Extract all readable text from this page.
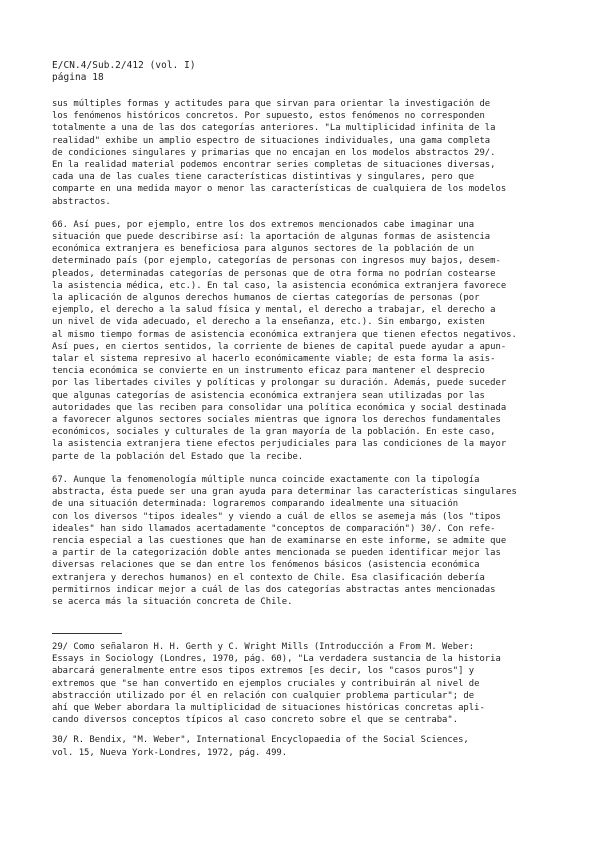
E/CN.4/Sub.2/412 (vol. I)
página 18
sus múltiples formas y actitudes para que sirvan para orientar la investigación de
los fenómenos históricos concretos. Por supuesto, estos fenómenos no corresponden
totalmente a una de las dos categorías anteriores. "La multiplicidad infinita de la
realidad" exhibe un amplio espectro de situaciones individuales, una gama completa
de condiciones singulares y primarias que no encajan en los modelos abstractos 29/.
En la realidad material podemos encontrar series completas de situaciones diversas,
cada una de las cuales tiene características distintivas y singulares, pero que
comparte en una medida mayor o menor las características de cualquiera de los modelos
abstractos.
66. Así pues, por ejemplo, entre los dos extremos mencionados cabe imaginar una
situación que puede describirse así: la aportación de algunas formas de asistencia
económica extranjera es beneficiosa para algunos sectores de la población de un
determinado país (por ejemplo, categorías de personas con ingresos muy bajos, desem-
pleados, determinadas categorías de personas que de otra forma no podrían costearse
la asistencia médica, etc.). En tal caso, la asistencia económica extranjera favorece
la aplicación de algunos derechos humanos de ciertas categorías de personas (por
ejemplo, el derecho a la salud física y mental, el derecho a trabajar, el derecho a
un nivel de vida adecuado, el derecho a la enseñanza, etc.). Sin embargo, existen
al mismo tiempo formas de asistencia económica extranjera que tienen efectos negativos.
Así pues, en ciertos sentidos, la corriente de bienes de capital puede ayudar a apun-
talar el sistema represivo al hacerlo económicamente viable; de esta forma la asis-
tencia económica se convierte en un instrumento eficaz para mantener el desprecio
por las libertades civiles y políticas y prolongar su duración. Además, puede suceder
que algunas categorías de asistencia económica extranjera sean utilizadas por las
autoridades que las reciben para consolidar una política económica y social destinada
a favorecer algunos sectores sociales mientras que ignora los derechos fundamentales
económicos, sociales y culturales de la gran mayoría de la población. En este caso,
la asistencia extranjera tiene efectos perjudiciales para las condiciones de la mayor
parte de la población del Estado que la recibe.
67. Aunque la fenomenología múltiple nunca coincide exactamente con la tipología
abstracta, ésta puede ser una gran ayuda para determinar las características singulares
de una situación determinada: lograremos comparando idealmente una situación
con los diversos "tipos ideales" y viendo a cuál de ellos se asemeja más (los "tipos
ideales" han sido llamados acertadamente "conceptos de comparación") 30/. Con refe-
rencia especial a las cuestiones que han de examinarse en este informe, se admite que
a partir de la categorización doble antes mencionada se pueden identificar mejor las
diversas relaciones que se dan entre los fenómenos básicos (asistencia económica
extranjera y derechos humanos) en el contexto de Chile. Esa clasificación debería
permitirnos indicar mejor a cuál de las dos categorías abstractas antes mencionadas
se acerca más la situación concreta de Chile.
29/ Como señalaron H. H. Gerth y C. Wright Mills (Introducción a From M. Weber:
Essays in Sociology (Londres, 1970, pág. 60), "La verdadera sustancia de la historia
abarcará generalmente entre esos tipos extremos [es decir, los "casos puros"] y
extremos que "se han convertido en ejemplos cruciales y contribuirán al nivel de
abstracción utilizado por él en relación con cualquier problema particular"; de
ahí que Weber abordara la multiplicidad de situaciones históricas concretas apli-
cando diversos conceptos típicos al caso concreto sobre el que se centraba".
30/ R. Bendix, "M. Weber", International Encyclopaedia of the Social Sciences,
vol. 15, Nueva York-Londres, 1972, pág. 499.
